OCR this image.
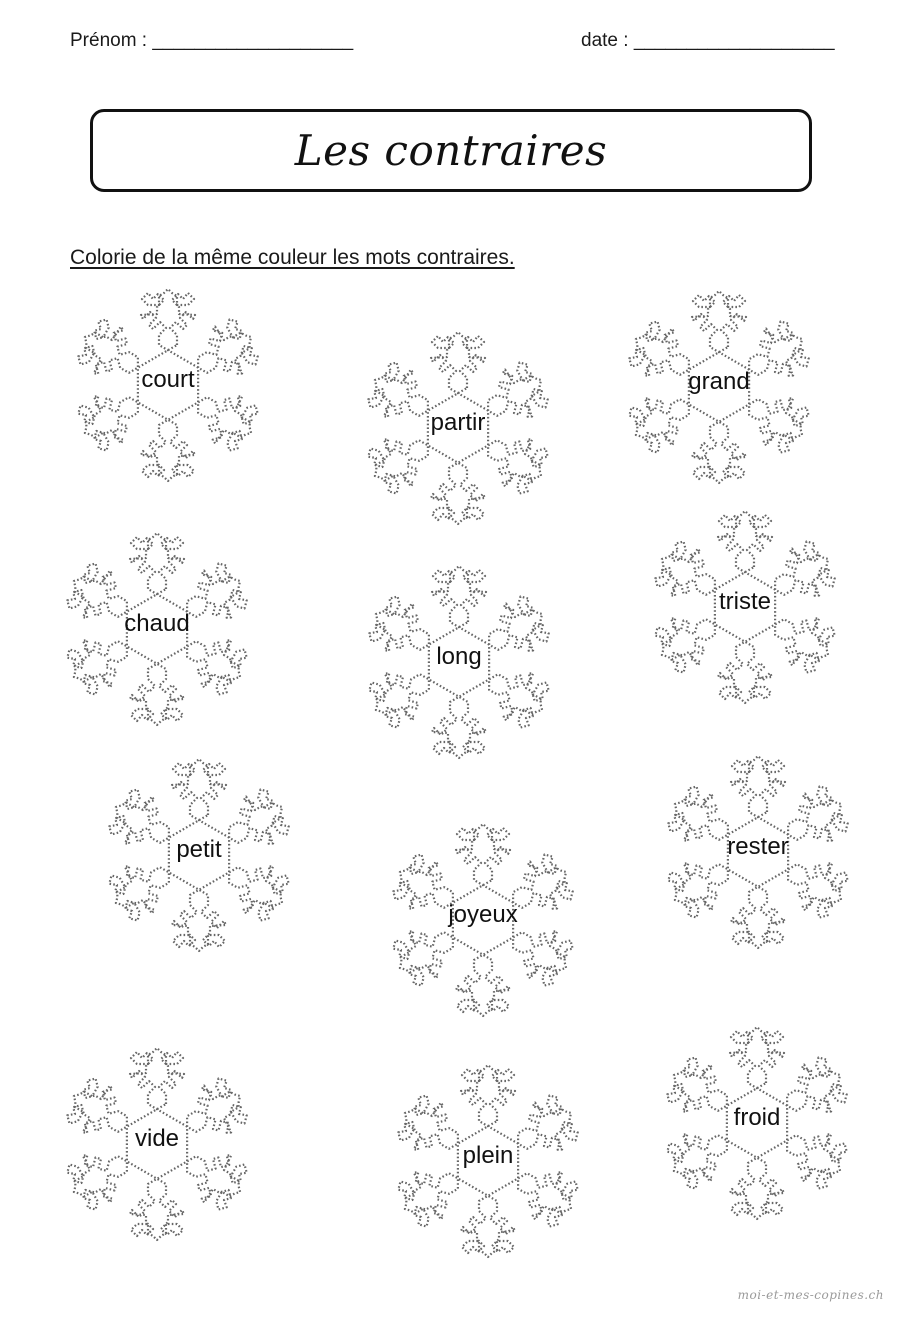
Prénom : ___________________	date : ___________________
Les contraires
Colorie de la même couleur les mots contraires.
court
partir
grand
chaud
long
triste
petit
joyeux
rester
vide
plein
froid
moi-et-mes-copines.ch
